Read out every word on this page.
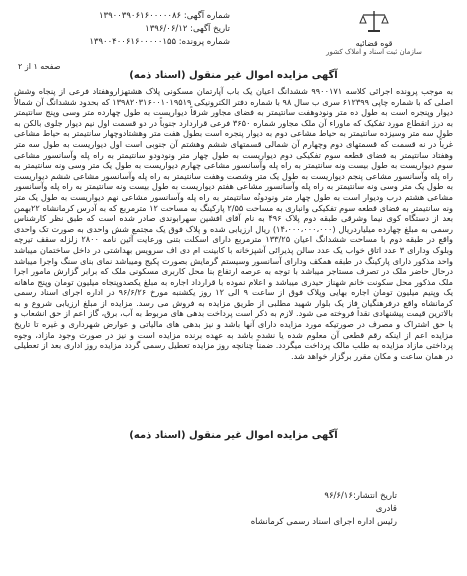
شماره آگهی: ۱۳۹۰۰۳۹۰۶۱۶۰۰۰۰۰۸۶
تاریخ آگهی: ۱۳۹۶/۰۶/۱۲
شماره پرونده: ۱۳۹۰۰۴۰۰۶۱۶۰۰۰۰۰۱۵۵	قوه قضائیه
سازمان ثبت اسناد و املاک کشور
صفحه ۱ از ۲
آگهی مزایده اموال غیر منقول (اسناد ذمه)
به موجب پرونده اجرائی کلاسه ۹۹۰۰۱۷۱ ششدانگ اعیان یک باب آپارتمان مسکونی پلاک هشتهزاروهفتاد فرعی از پنجاه وشش اصلی که با شماره چاپی ۶۱۲۳۹۹ سری ب سال ۹۸ با شماره دفتر الکترونیکی ۱۳۹۸۲۰۳۱۶۰۰۱۰۱۹۵۱۹ که بحدود ششدانگ آن شمالاً دیوار وپنجره است به طول ده متر ونودوهفت سانتیمتر به فضای مجاور شرقاً دیواریست به طول چهارده متر وسی وپنج سانتیمتر به درز انقطاع مورد تفکیک که ماوراء آن ملک مجاور شماره ۳۶۵۰ فرعی قراردارد جنوباً در دو قسمت اول نیم دیوار جلوی بالکن به طول سه متر وسیزده سانتیمتر به حیاط مشاعی دوم به دیوار پنجره است بطول هفت متر وهشتادوچهار سانتیمتر به حیاط مشاعی غرباً در نه قسمت که قسمتهای دوم وچهارم آن شمالی قسمتهای ششم وهشتم آن جنوبی است اول دیواریست به طول سه متر وهفتاد سانتیمتر به فضای قطعه سوم تفکیکی دوم دیواریست به طول چهار متر ونودودو سانتیمتر به راه پله وآسانسور مشاعی سوم دیواریست به طول بیست ونه سانتیمتر به راه پله وآسانسور مشاعی چهارم دیواریست به طول یک متر وسی ونه سانتیمتر به راه پله وآسانسور مشاعی پنجم دیواریست به طول یک متر وشصت وهفت سانتیمتر به راه پله وآسانسور مشاعی ششم دیواریست به طول یک متر وسی ونه سانتیمتر به راه پله وآسانسور مشاعی هفتم دیواریست به طول بیست ونه سانتیمتر به راه پله وآسانسور مشاعی هشتم درب ودیوار است به طول چهار متر ونودونُه سانتیمتر به راه پله وآسانسور مشاعی نهم دیواریست به طول یک متر ونه سانتیمتر به فضای قطعه سوم تفکیکی وانباری به مساحت ۲/۵۵ پارکینگ به مساحت ۱۲ مترمربع که به آدرس کرمانشاه ۲۲بهمن بعد از دستگاه کوی نیما وشرقی طبقه دوم پلاک ۴۹۶ به نام آقای افشین سهرابوندی صادر شده است که طبق نظر کارشناس رسمی به مبلغ چهارده میلیاردریال (۱۴،۰۰۰،۰۰۰،۰۰۰) ریال ارزیابی شده و پلاک فوق یک مجتمع شش واحدی به صورت تک واحدی واقع در طبقه دوم با مساحت ششدانگ اعیان ۱۳۳/۲۵ مترمربع دارای اسکلت بتنی ورعایت آئین نامه ۲۸۰۰ زلزله سقف تیرچه وبلوک ودارای ۳ عدد اتاق خواب یک عدد سالن پذیرائی آشپزخانه با کابینت ام دی اف سرویس بهداشتی در داخل ساختمان میباشد واحد مذکور دارای پارکینگ در طبقه همکف ودارای آسانسور وسیستم گرمایش بصورت پکیج ومیباشد نمای بنای سنگ واجرا میباشد درحال حاضر ملک در تصرف مستاجر میباشد با توجه به عرصه ارتفاع بنا محل کاربری مسکونی ملک که برابر گزارش مامور اجرا ملک مذکور محل سکونت خانم شهناز حیدری میباشد و اعلام نموده با قرارداد اجاره به مبلغ یکصدوپنجاه میلیون تومان وپنج ماهانه یک وپنیم میلیون تومان اجاره بهایی وپلاک فوق از ساعت ۹ الی ۱۲ روز یکشنبه مورخ ۹۶/۶/۲۶ در اداره اجرای اسناد رسمی کرمانشاه واقع درفرهنگیان فاز یک بلوار شهید مطلبی از طریق مزایده به فروش می رسد. مزایده از مبلغ ارزیابی شروع و به بالاترین قیمت پیشنهادی نقداً فروخته می شود. لازم به ذکر است پرداخت بدهی های مربوط به آب، برق، گاز اعم از حق انشعاب و یا حق اشتراک و مصرف در صورتیکه مورد مزایده دارای آنها باشد و نیز بدهی های مالیاتی و عوارض شهرداری و غیره تا تاریخ مزایده اعم از اینکه رقم قطعی آن معلوم شده یا نشده باشد به عهده برنده مزایده است و نیز در صورت وجود مازاد، وجوه پرداختی مازاد مزایده به طلب مالک پرداخت میگردد. ضمناً چنانچه روز مزایده تعطیل رسمی گردد مزایده روز اداری بعد از تعطیلی در همان ساعت و مکان مقرر برگزار خواهد شد.
آگهی مزایده اموال غیر منقول (اسناد ذمه)
تاریخ انتشار:۹۶/۶/۱۶
قادری
رئیس اداره اجرای اسناد رسمی کرمانشاه
